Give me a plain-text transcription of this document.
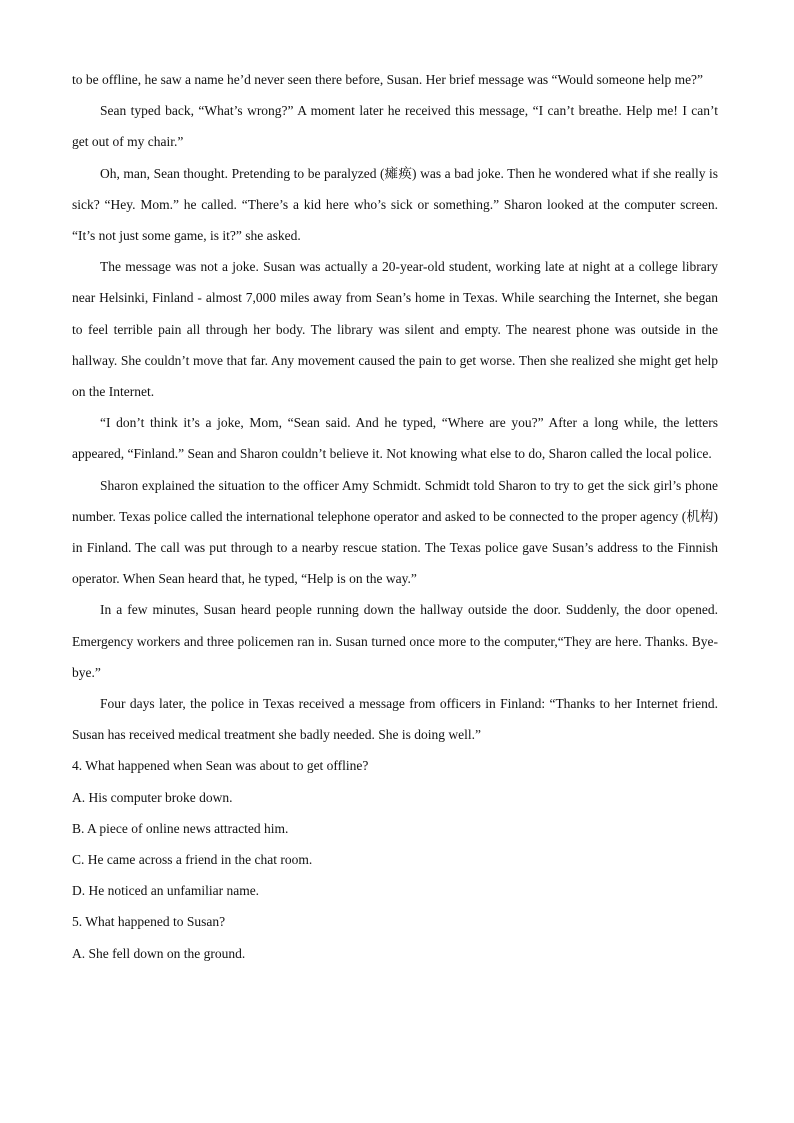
to be offline, he saw a name he’d never seen there before, Susan. Her brief message was “Would someone help me?”

Sean typed back, “What’s wrong?” A moment later he received this message, “I can’t breathe. Help me! I can’t get out of my chair.”

Oh, man, Sean thought. Pretending to be paralyzed (瘫痪) was a bad joke. Then he wondered what if she really is sick? “Hey. Mom.” he called. “There’s a kid here who’s sick or something.” Sharon looked at the computer screen. “It’s not just some game, is it?” she asked.

The message was not a joke. Susan was actually a 20-year-old student, working late at night at a college library near Helsinki, Finland - almost 7,000 miles away from Sean’s home in Texas. While searching the Internet, she began to feel terrible pain all through her body. The library was silent and empty. The nearest phone was outside in the hallway. She couldn’t move that far. Any movement caused the pain to get worse. Then she realized she might get help on the Internet.

“I don’t think it’s a joke, Mom, “Sean said. And he typed, “Where are you?” After a long while, the letters appeared, “Finland.” Sean and Sharon couldn’t believe it. Not knowing what else to do, Sharon called the local police.

Sharon explained the situation to the officer Amy Schmidt. Schmidt told Sharon to try to get the sick girl’s phone number. Texas police called the international telephone operator and asked to be connected to the proper agency (机构) in Finland. The call was put through to a nearby rescue station. The Texas police gave Susan’s address to the Finnish operator. When Sean heard that, he typed, “Help is on the way.”

In a few minutes, Susan heard people running down the hallway outside the door. Suddenly, the door opened. Emergency workers and three policemen ran in. Susan turned once more to the computer,“They are here. Thanks. Bye-bye.”

Four days later, the police in Texas received a message from officers in Finland: “Thanks to her Internet friend. Susan has received medical treatment she badly needed. She is doing well.”

4. What happened when Sean was about to get offline?

A. His computer broke down.

B. A piece of online news attracted him.

C. He came across a friend in the chat room.

D. He noticed an unfamiliar name.

5. What happened to Susan?

A. She fell down on the ground.
